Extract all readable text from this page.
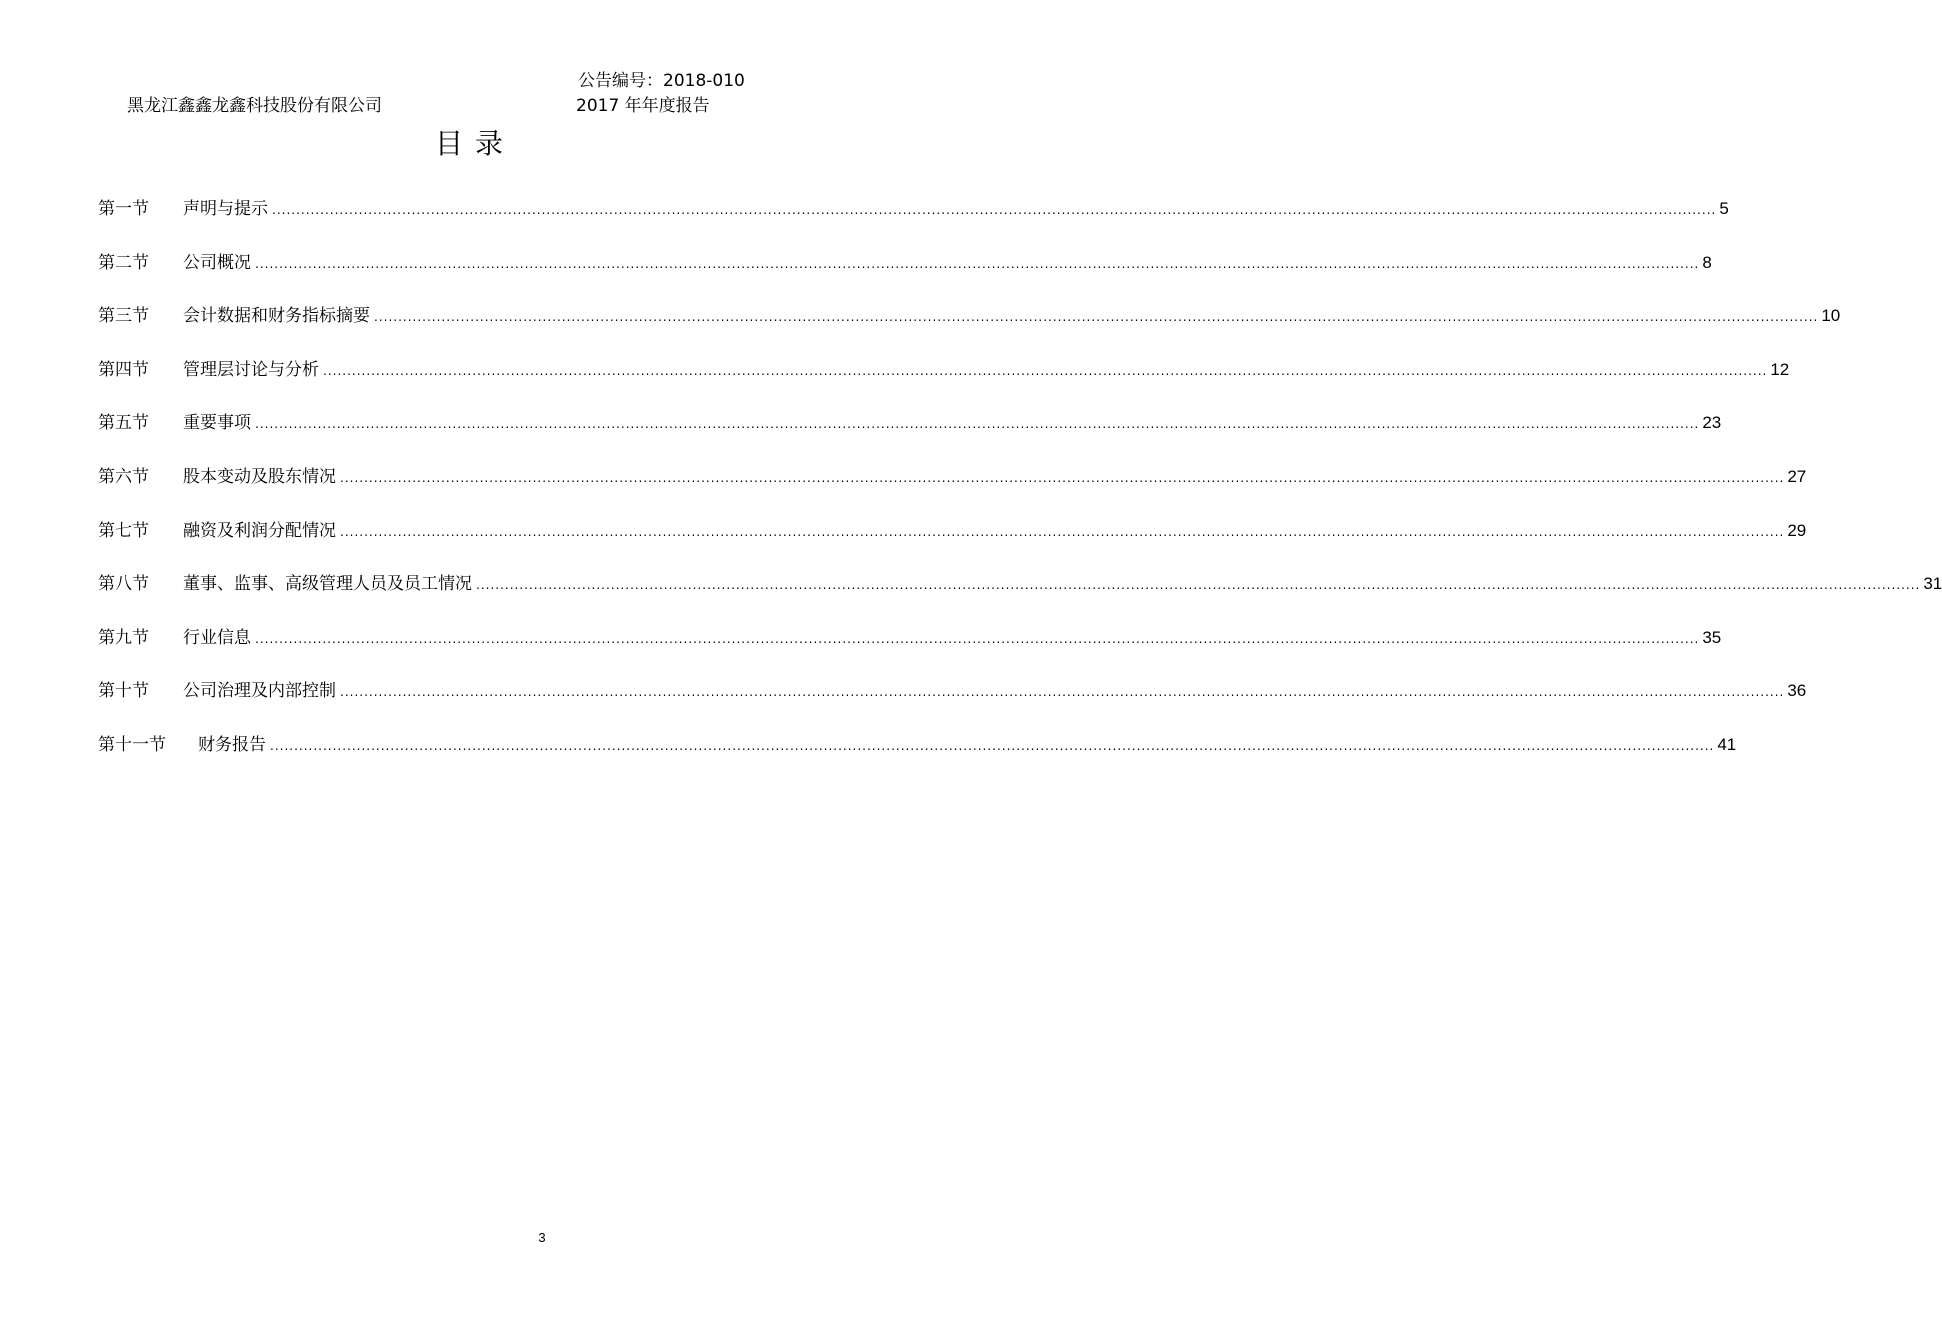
公告编号：2018-010
黑龙江鑫鑫龙鑫科技股份有限公司	2017 年年度报告
目录
第一节	声明与提示 ............................................................................................................................................................................................................................................................................................................ 5
第二节	公司概况 ............................................................................................................................................................................................................................................................................................................ 8
第三节	会计数据和财务指标摘要 ............................................................................................................................................................................................................................................................................................................ 10
第四节	管理层讨论与分析 ............................................................................................................................................................................................................................................................................................................ 12
第五节	重要事项 ............................................................................................................................................................................................................................................................................................................ 23
第六节	股本变动及股东情况 ............................................................................................................................................................................................................................................................................................................ 27
第七节	融资及利润分配情况 ............................................................................................................................................................................................................................................................................................................ 29
第八节	董事、监事、高级管理人员及员工情况 ............................................................................................................................................................................................................................................................................................................ 31
第九节	行业信息 ............................................................................................................................................................................................................................................................................................................ 35
第十节	公司治理及内部控制 ............................................................................................................................................................................................................................................................................................................ 36
第十一节	财务报告 ............................................................................................................................................................................................................................................................................................................ 41
3
